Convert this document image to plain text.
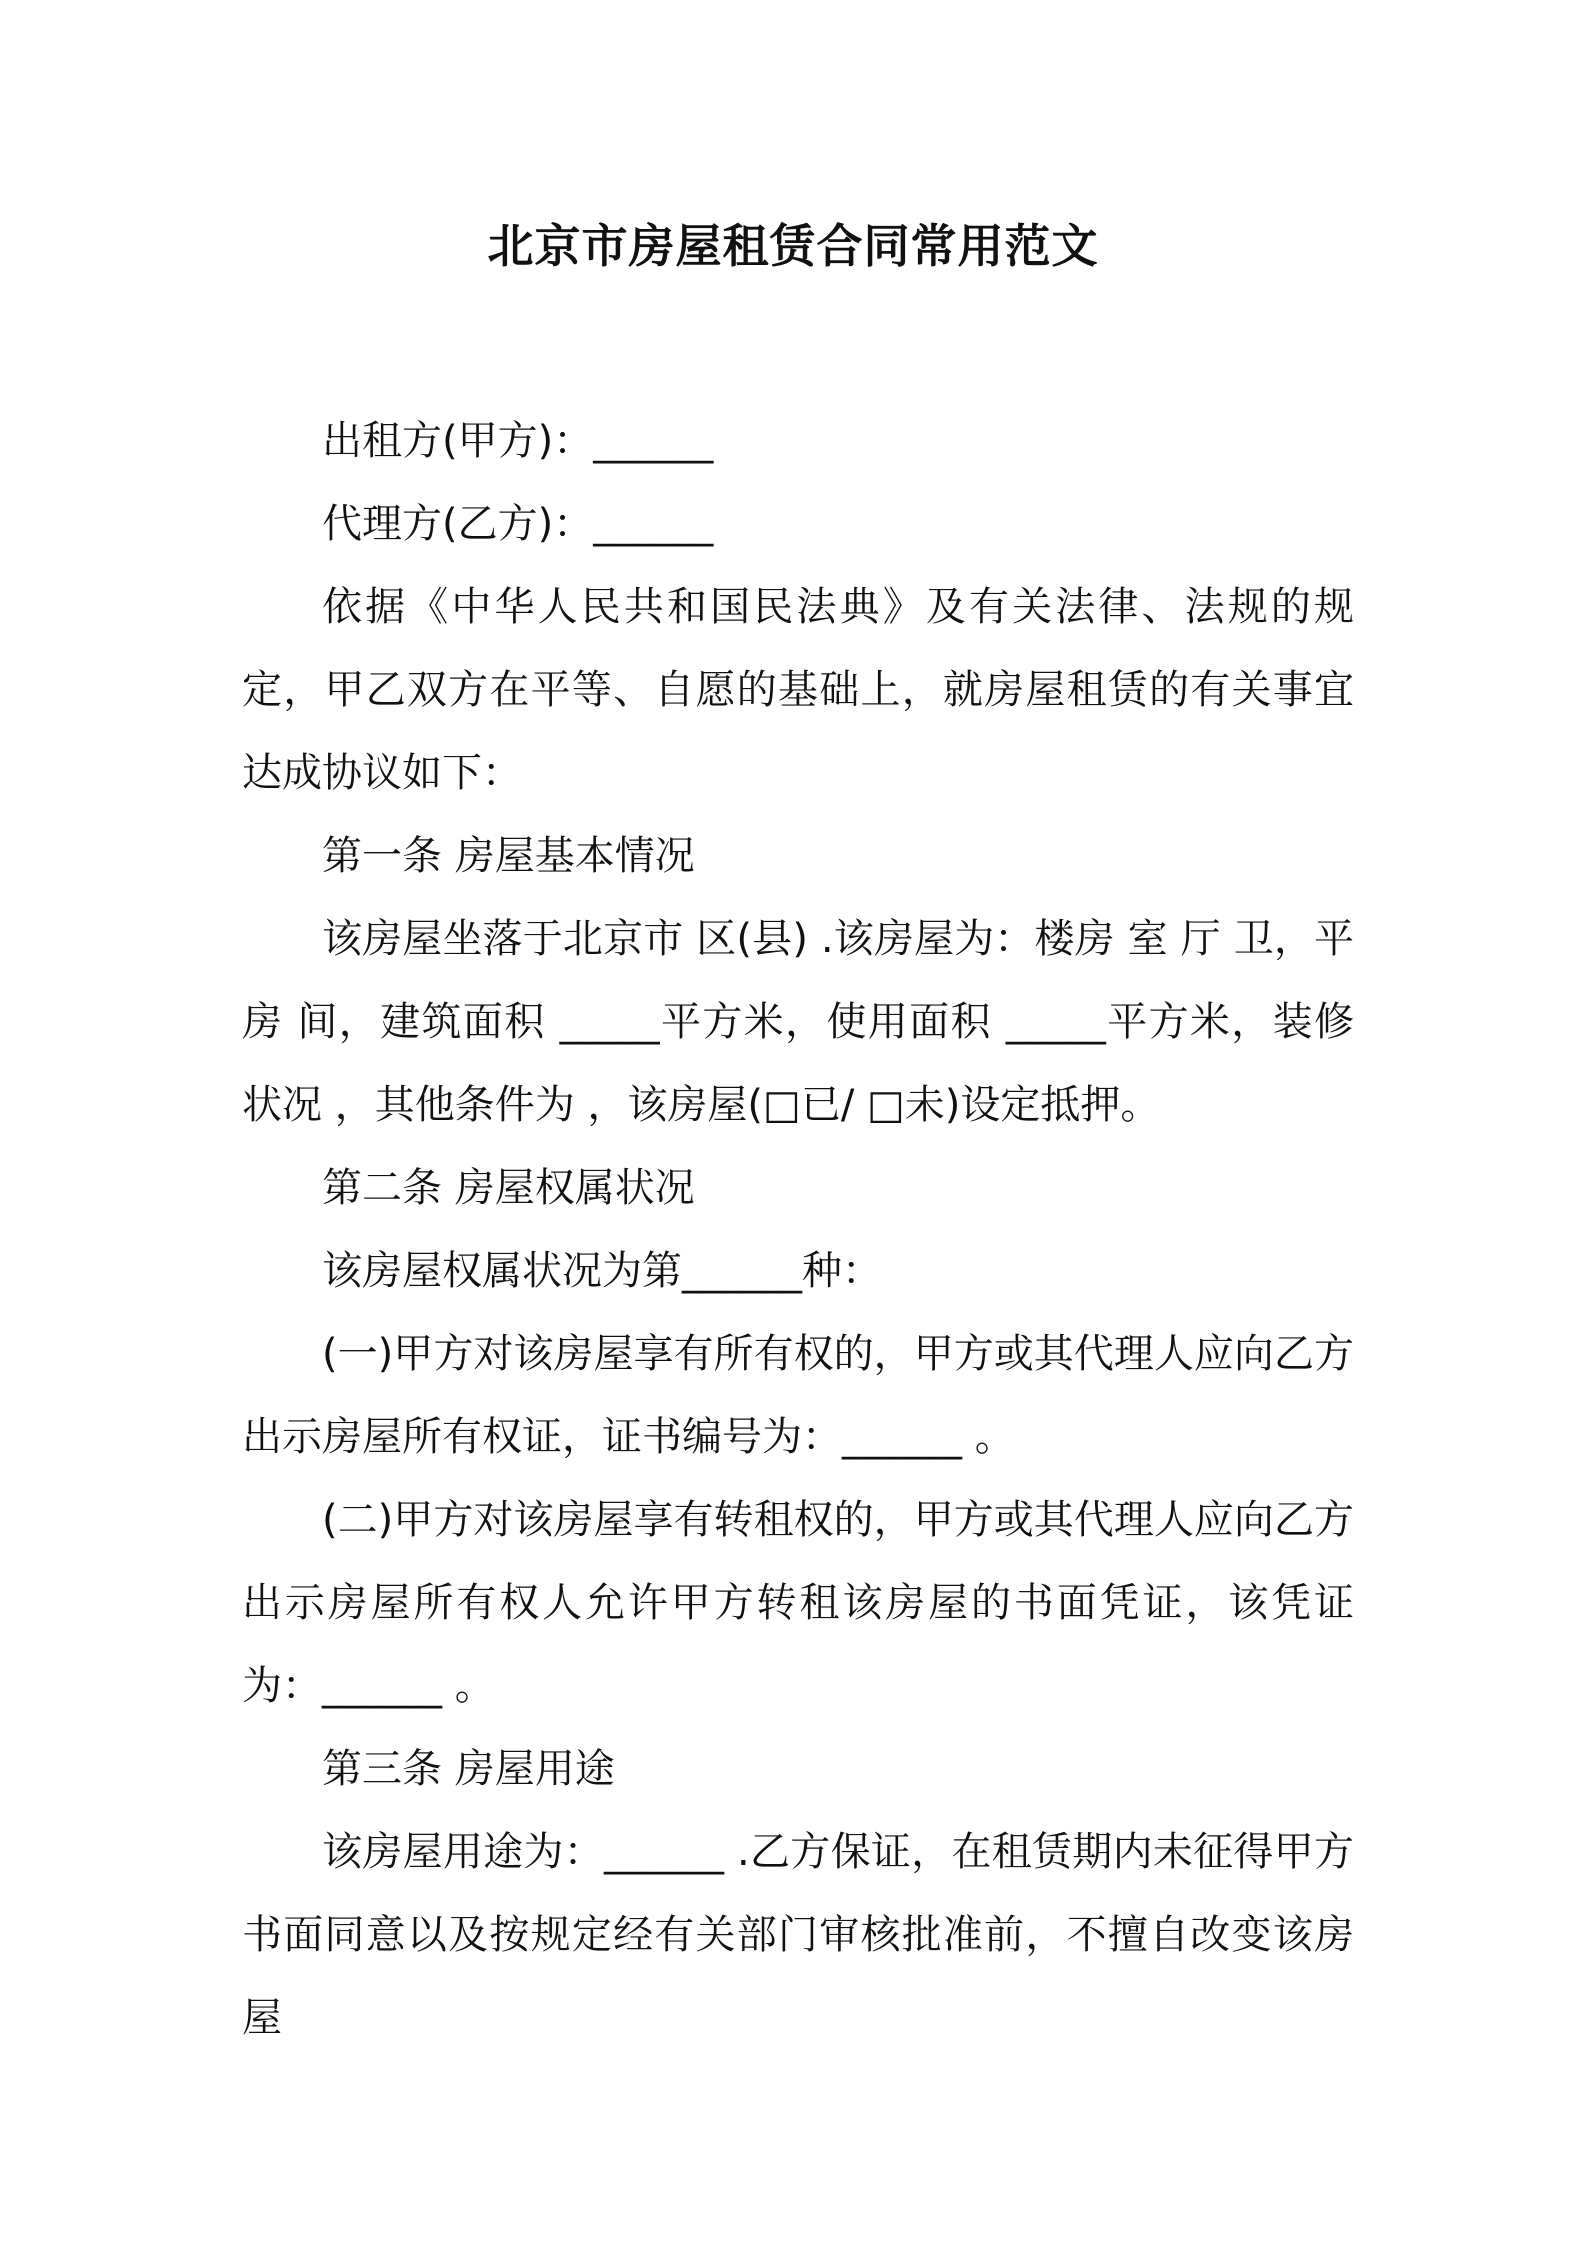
北京市房屋租赁合同常用范文

出租方(甲方)：______

代理方(乙方)：______

依据《中华人民共和国民法典》及有关法律、法规的规定，甲乙双方在平等、自愿的基础上，就房屋租赁的有关事宜达成协议如下：

第一条 房屋基本情况

该房屋坐落于北京市 区(县) .该房屋为：楼房 室 厅 卫，平房 间，建筑面积 _____平方米，使用面积 _____平方米，装修状况 ，其他条件为 ，该房屋(□已/ □未)设定抵押。

第二条 房屋权属状况

该房屋权属状况为第______种：

(一)甲方对该房屋享有所有权的，甲方或其代理人应向乙方出示房屋所有权证，证书编号为：______ 。

(二)甲方对该房屋享有转租权的，甲方或其代理人应向乙方出示房屋所有权人允许甲方转租该房屋的书面凭证，该凭证为：______ 。

第三条 房屋用途

该房屋用途为：______ .乙方保证，在租赁期内未征得甲方书面同意以及按规定经有关部门审核批准前，不擅自改变该房屋
